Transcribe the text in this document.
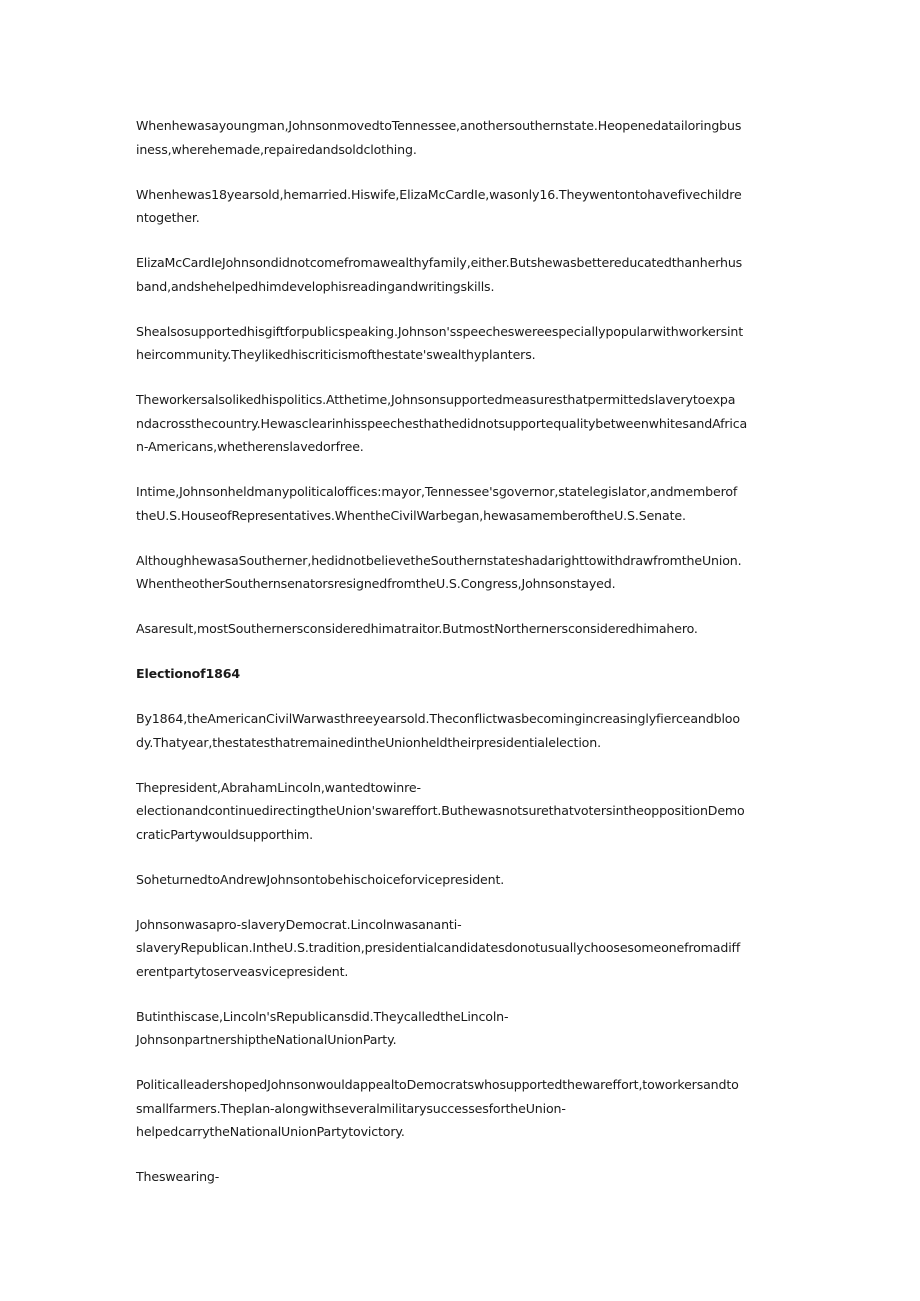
Whenhewasayoungman,JohnsonmovedtoTennessee,anothersouthernstate.Heopenedatailoringbus
iness,wherehemade,repairedandsoldclothing.

Whenhewas18yearsold,hemarried.Hiswife,ElizaMcCardIe,wasonly16.Theywentontohavefivechildre
ntogether.

ElizaMcCardIeJohnsondidnotcomefromawealthyfamily,either.Butshewasbettereducatedthanherhus
band,andshehelpedhimdevelophisreadingandwritingskills.

Shealsosupportedhisgiftforpublicspeaking.Johnson'sspeecheswereespeciallypopularwithworkersint
heircommunity.Theylikedhiscriticismofthestate'swealthyplanters.

Theworkersalsolikedhispolitics.Atthetime,Johnsonsupportedmeasuresthatpermittedslaverytoexpa
ndacrossthecountry.HewasclearinhisspeechesthathedidnotsupportequalitybetweenwhitesandAfrica
n-Americans,whetherenslavedorfree.

Intime,Johnsonheldmanypoliticaloffices:mayor,Tennessee'sgovernor,statelegislator,andmemberof
theU.S.HouseofRepresentatives.WhentheCivilWarbegan,hewasamemberoftheU.S.Senate.

AlthoughhewasaSoutherner,hedidnotbelievetheSouthernstateshadarighttowithdrawfromtheUnion.
WhentheotherSouthernsenatorsresignedfromtheU.S.Congress,Johnsonstayed.

Asaresult,mostSouthernersconsideredhimatraitor.ButmostNorthernersconsideredhimahero.

Electionof1864

By1864,theAmericanCivilWarwasthreeyearsold.Theconflictwasbecomingincreasinglyfierceandbloo
dy.Thatyear,thestatesthatremainedintheUnionheldtheirpresidentialelection.

Thepresident,AbrahamLincoln,wantedtowinre-
electionandcontinuedirectingtheUnion'swareffort.ButhewasnotsurethatvotersintheoppositionDemo
craticPartywouldsupporthim.

SoheturnedtoAndrewJohnsontobehischoiceforvicepresident.

Johnsonwasapro-slaveryDemocrat.Lincolnwasananti-
slaveryRepublican.IntheU.S.tradition,presidentialcandidatesdonotusuallychoosesomeonefromadiff
erentpartytoserveasvicepresident.

Butinthiscase,Lincoln'sRepublicansdid.TheycalledtheLincoln-
JohnsonpartnershiptheNationalUnionParty.

PoliticalleadershopedJohnsonwouldappealtoDemocratswhosupportedthewareffort,toworkersandto
smallfarmers.Theplan-alongwithseveralmilitarysuccessesfortheUnion-
helpedcarrytheNationalUnionPartytovictory.

Theswearing-
